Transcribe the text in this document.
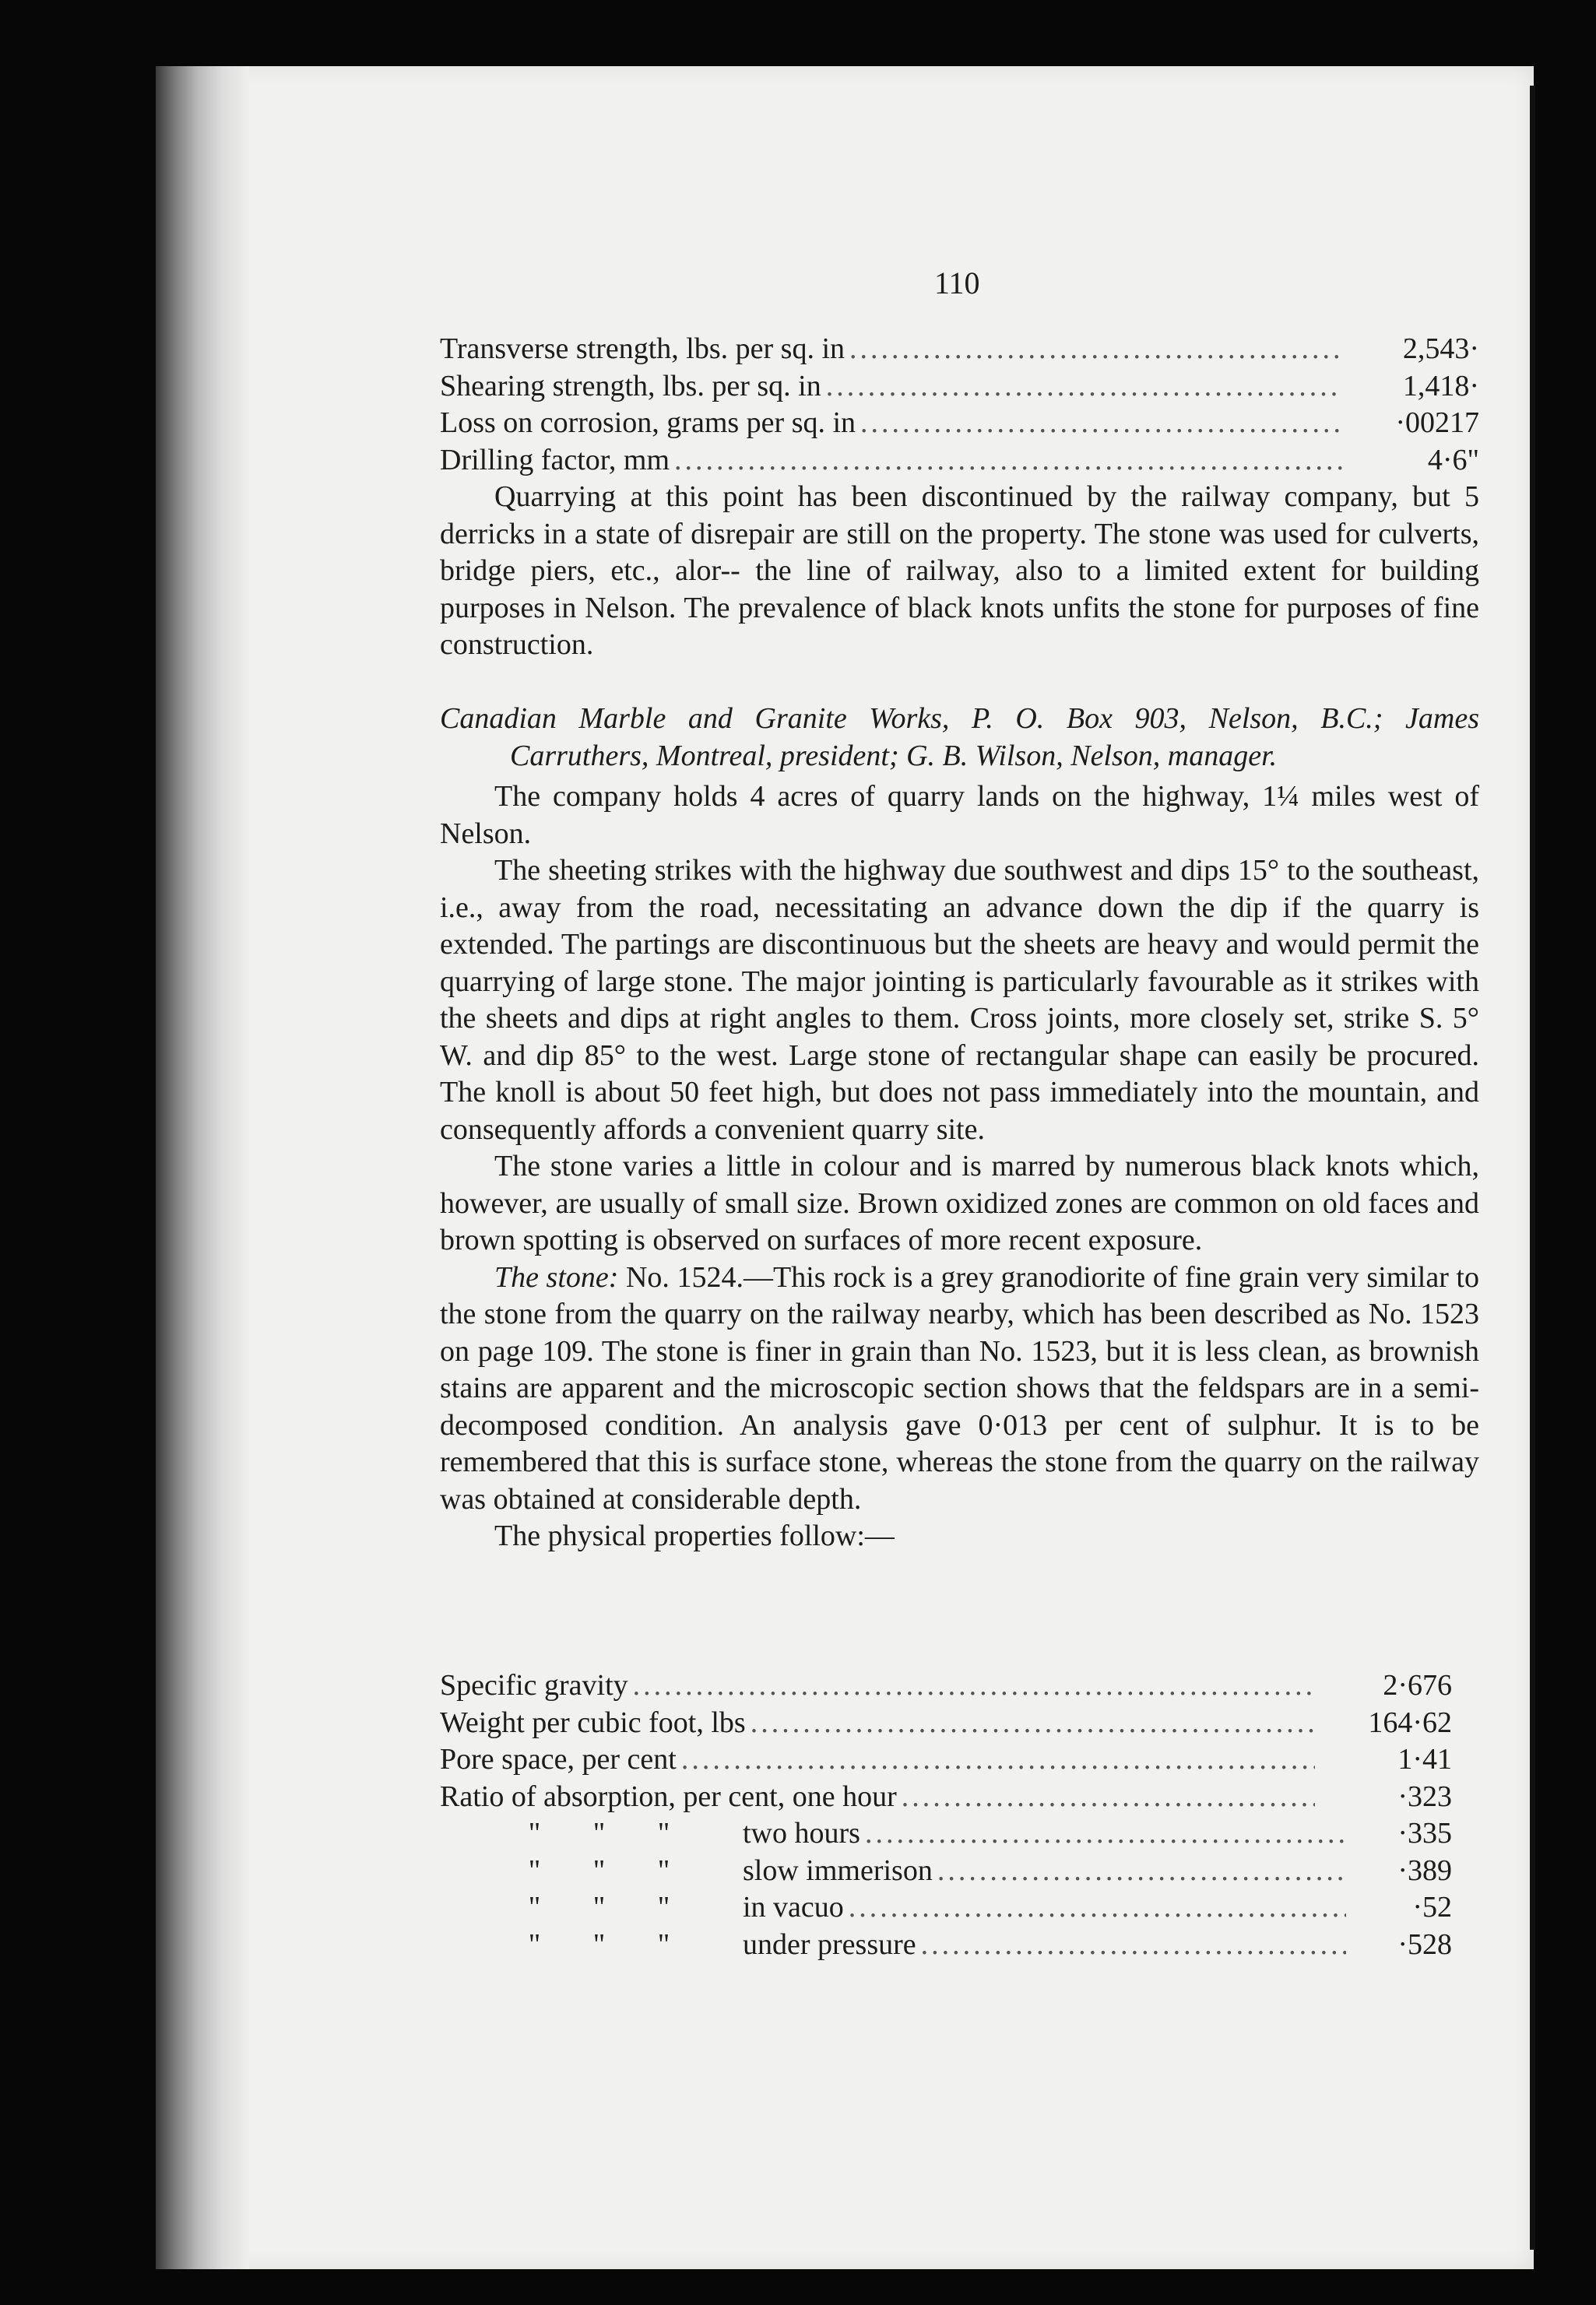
110
Transverse strength, lbs. per sq. in .....	2,543·
Shearing strength, lbs. per sq. in .....	1,418·
Loss on corrosion, grams per sq. in .....	·00217
Drilling factor, mm .....	4·6"

Quarrying at this point has been discontinued by the railway company, but 5 derricks in a state of disrepair are still on the property. The stone was used for culverts, bridge piers, etc., alor-- the line of railway, also to a limited extent for building purposes in Nelson. The prevalence of black knots unfits the stone for purposes of fine construction.

Canadian Marble and Granite Works, P. O. Box 903, Nelson, B.C.; James
Carruthers, Montreal, president; G. B. Wilson, Nelson, manager.

The company holds 4 acres of quarry lands on the highway, 1¼ miles west of Nelson.

The sheeting strikes with the highway due southwest and dips 15° to the southeast, i.e., away from the road, necessitating an advance down the dip if the quarry is extended. The partings are discontinuous but the sheets are heavy and would permit the quarrying of large stone. The major jointing is particularly favourable as it strikes with the sheets and dips at right angles to them. Cross joints, more closely set, strike S. 5° W. and dip 85° to the west. Large stone of rectangular shape can easily be procured. The knoll is about 50 feet high, but does not pass immediately into the mountain, and consequently affords a convenient quarry site.

The stone varies a little in colour and is marred by numerous black knots which, however, are usually of small size. Brown oxidized zones are common on old faces and brown spotting is observed on surfaces of more recent exposure.

The stone: No. 1524.—This rock is a grey granodiorite of fine grain very similar to the stone from the quarry on the railway nearby, which has been described as No. 1523 on page 109. The stone is finer in grain than No. 1523, but it is less clean, as brownish stains are apparent and the microscopic section shows that the feldspars are in a semi-decomposed condition. An analysis gave 0·013 per cent of sulphur. It is to be remembered that this is surface stone, whereas the stone from the quarry on the railway was obtained at considerable depth.

The physical properties follow:—

Specific gravity .....	2·676
Weight per cubic foot, lbs .....	164·62
Pore space, per cent .....	1·41
Ratio of absorption, per cent, one hour .....	·323
"	"	"	two hours .....	·335
"	"	"	slow immerison .....	·389
"	"	"	in vacuo .....	·52
"	"	"	under pressure .....	·528
